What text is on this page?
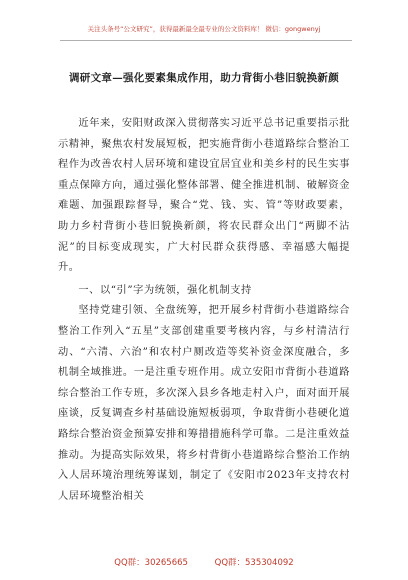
关注头条号“公文研究”，获得最新最全最专业的公文资料库！ 微信：gongwenyj
调研文章—强化要素集成作用，助力背街小巷旧貌换新颜

近年来，安阳财政深入贯彻落实习近平总书记重要指示批示精神，聚焦农村发展短板，把实施背街小巷道路综合整治工程作为改善农村人居环境和建设宜居宜业和美乡村的民生实事重点保障方向，通过强化整体部署、健全推进机制、破解资金难题、加强跟踪督导，聚合“党、钱、实、管”等财政要素，助力乡村背街小巷旧貌换新颜，将农民群众出门“两脚不沾泥”的目标变成现实，广大村民群众获得感、幸福感大幅提升。

一、以“引”字为统领，强化机制支持

坚持党建引领、全盘统筹，把开展乡村背街小巷道路综合整治工作列入“五星”支部创建重要考核内容，与乡村清洁行动、“六清、六治”和农村户厕改造等奖补资金深度融合，多机制全域推进。一是注重专班作用。成立安阳市背街小巷道路综合整治工作专班，多次深入县乡各地走村入户，面对面开展座谈，反复调查乡村基础设施短板弱项，争取背街小巷硬化道路综合整治资金预算安排和筹措措施科学可靠。二是注重效益推动。为提高实际效果，将乡村背街小巷道路综合整治工作纳入人居环境治理统筹谋划，制定了《安阳市2023年支持农村人居环境整治相关

QQ群：30265665	QQ群：535304092
